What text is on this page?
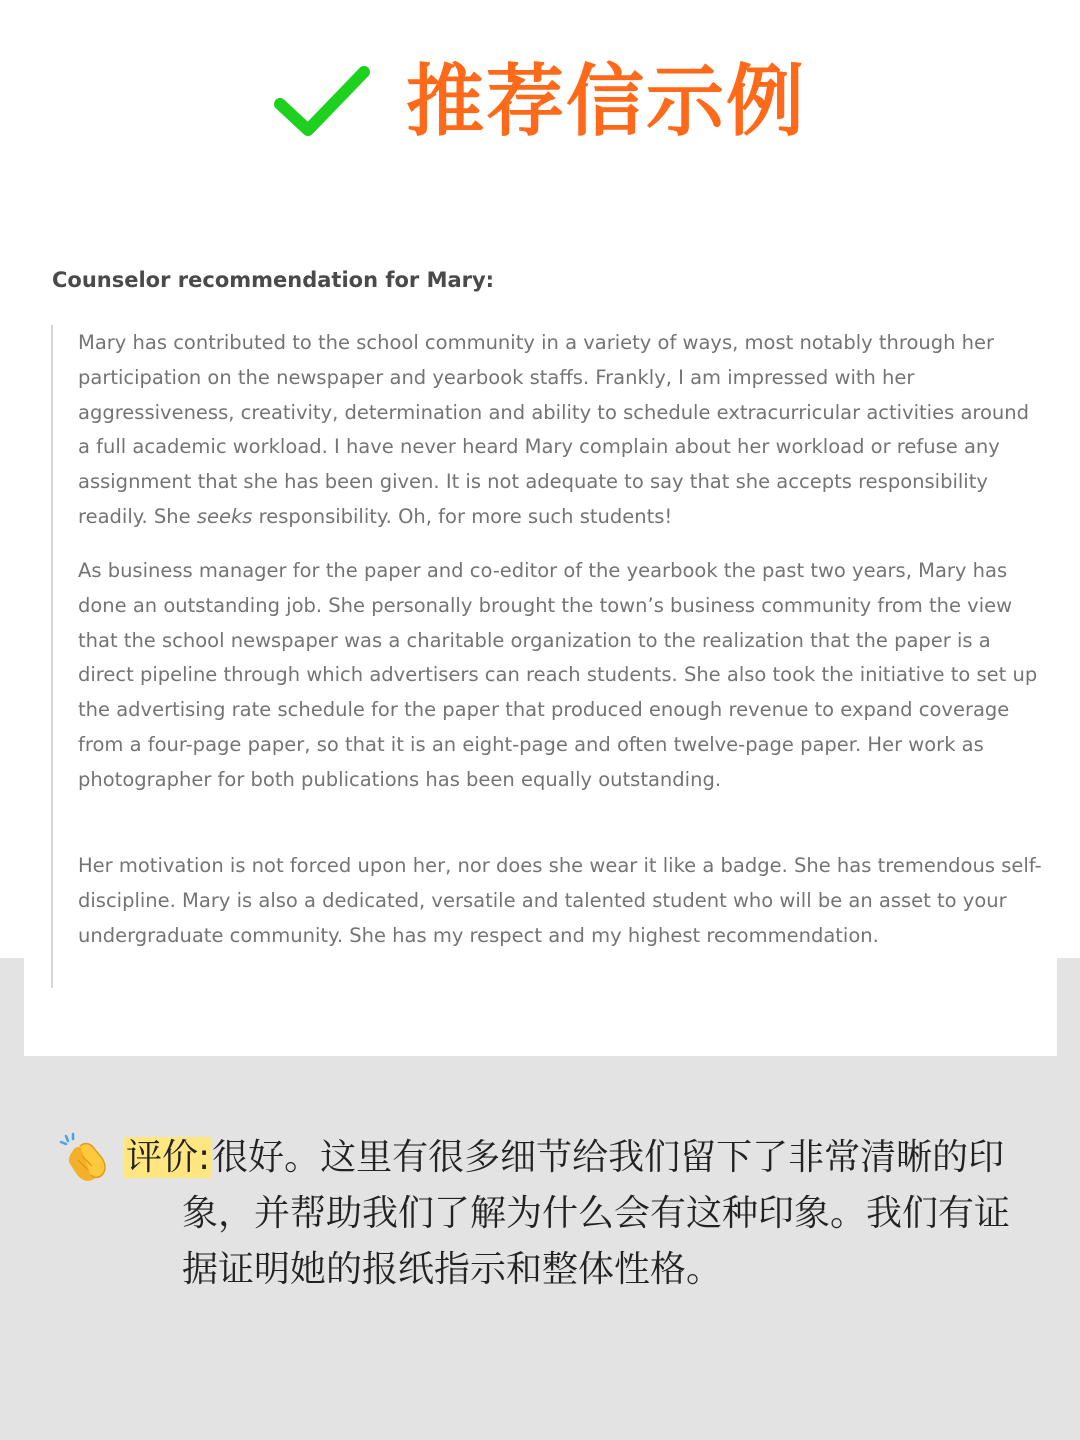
推荐信示例
Counselor recommendation for Mary:

Mary has contributed to the school community in a variety of ways, most notably through her participation on the newspaper and yearbook staffs. Frankly, I am impressed with her aggressiveness, creativity, determination and ability to schedule extracurricular activities around a full academic workload. I have never heard Mary complain about her workload or refuse any assignment that she has been given. It is not adequate to say that she accepts responsibility readily. She seeks responsibility. Oh, for more such students!

As business manager for the paper and co-editor of the yearbook the past two years, Mary has done an outstanding job. She personally brought the town’s business community from the view that the school newspaper was a charitable organization to the realization that the paper is a direct pipeline through which advertisers can reach students. She also took the initiative to set up the advertising rate schedule for the paper that produced enough revenue to expand coverage from a four-page paper, so that it is an eight-page and often twelve-page paper. Her work as photographer for both publications has been equally outstanding.

Her motivation is not forced upon her, nor does she wear it like a badge. She has tremendous self-discipline. Mary is also a dedicated, versatile and talented student who will be an asset to your undergraduate community. She has my respect and my highest recommendation.

评价:很好。这里有很多细节给我们留下了非常清晰的印象，并帮助我们了解为什么会有这种印象。我们有证据证明她的报纸指示和整体性格。
